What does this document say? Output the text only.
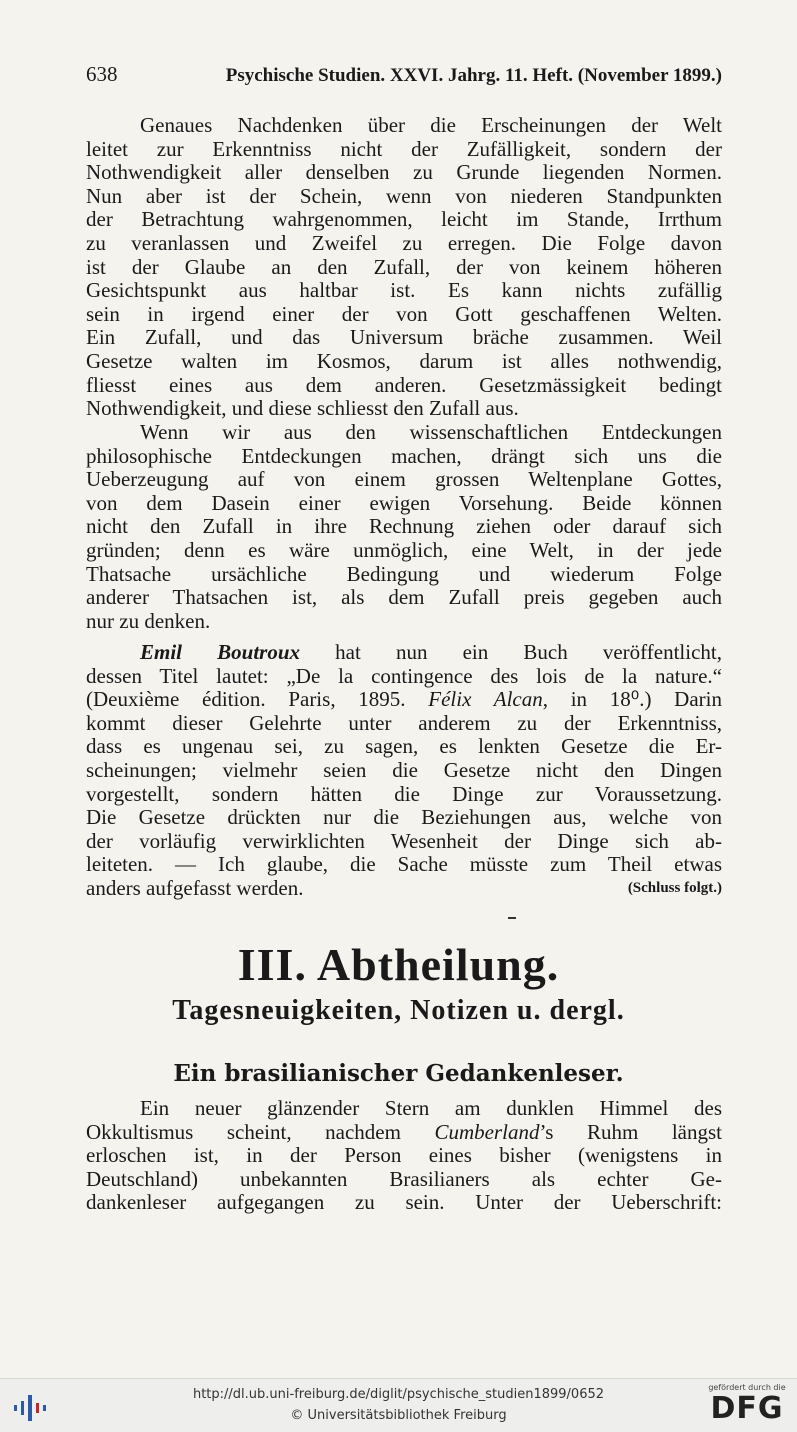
638	Psychische Studien. XXVI. Jahrg. 11. Heft. (November 1899.)
Genaues Nachdenken über die Erscheinungen der Welt
leitet zur Erkenntniss nicht der Zufälligkeit, sondern der
Nothwendigkeit aller denselben zu Grunde liegenden Normen.
Nun aber ist der Schein, wenn von niederen Standpunkten
der Betrachtung wahrgenommen, leicht im Stande, Irrthum
zu veranlassen und Zweifel zu erregen. Die Folge davon
ist der Glaube an den Zufall, der von keinem höheren
Gesichtspunkt aus haltbar ist. Es kann nichts zufällig
sein in irgend einer der von Gott geschaffenen Welten.
Ein Zufall, und das Universum bräche zusammen. Weil
Gesetze walten im Kosmos, darum ist alles nothwendig,
fliesst eines aus dem anderen. Gesetzmässigkeit bedingt
Nothwendigkeit, und diese schliesst den Zufall aus.
Wenn wir aus den wissenschaftlichen Entdeckungen
philosophische Entdeckungen machen, drängt sich uns die
Ueberzeugung auf von einem grossen Weltenplane Gottes,
von dem Dasein einer ewigen Vorsehung. Beide können
nicht den Zufall in ihre Rechnung ziehen oder darauf sich
gründen; denn es wäre unmöglich, eine Welt, in der jede
Thatsache ursächliche Bedingung und wiederum Folge
anderer Thatsachen ist, als dem Zufall preis gegeben auch
nur zu denken.
Emil Boutroux hat nun ein Buch veröffentlicht,
dessen Titel lautet: „De la contingence des lois de la nature.“
(Deuxième édition. Paris, 1895. Félix Alcan, in 18⁰.) Darin
kommt dieser Gelehrte unter anderem zu der Erkenntniss,
dass es ungenau sei, zu sagen, es lenkten Gesetze die Er-
scheinungen; vielmehr seien die Gesetze nicht den Dingen
vorgestellt, sondern hätten die Dinge zur Voraussetzung.
Die Gesetze drückten nur die Beziehungen aus, welche von
der vorläufig verwirklichten Wesenheit der Dinge sich ab-
leiteten. — Ich glaube, die Sache müsste zum Theil etwas
anders aufgefasst werden.	(Schluss folgt.)
III. Abtheilung.
Tagesneuigkeiten, Notizen u. dergl.
Ein brasilianischer Gedankenleser.
Ein neuer glänzender Stern am dunklen Himmel des
Okkultismus scheint, nachdem Cumberland’s Ruhm längst
erloschen ist, in der Person eines bisher (wenigstens in
Deutschland) unbekannten Brasilianers als echter Ge-
dankenleser aufgegangen zu sein. Unter der Ueberschrift:
http://dl.ub.uni-freiburg.de/diglit/psychische_studien1899/0652
© Universitätsbibliothek Freiburg
gefördert durch die
DFG
